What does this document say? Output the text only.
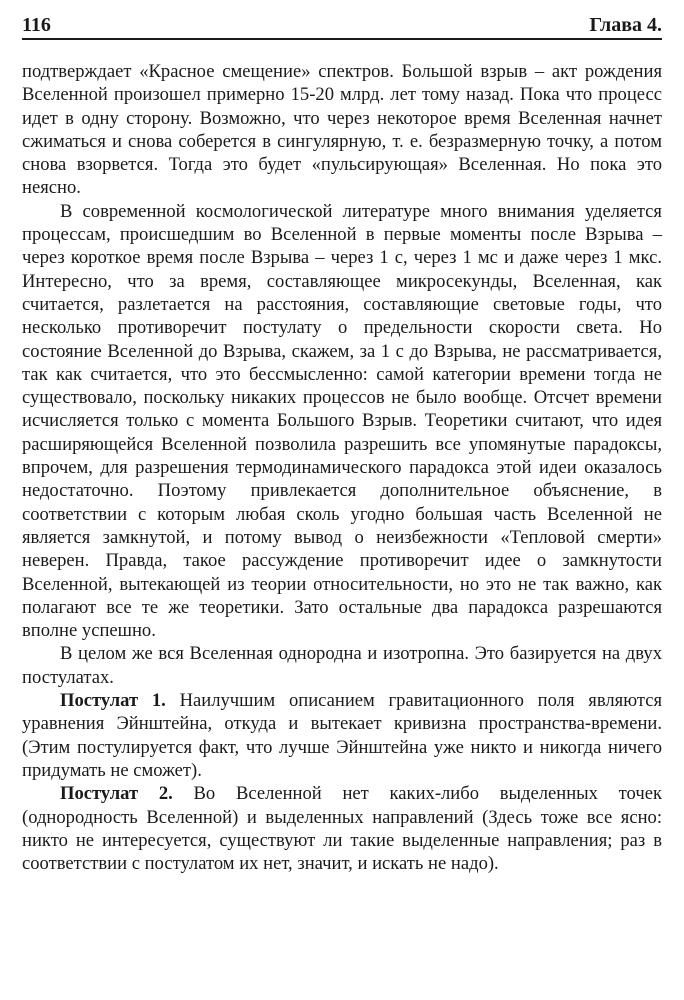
116	Глава 4.

подтверждает «Красное смещение» спектров. Большой взрыв – акт рождения Вселенной произошел примерно 15-20 млрд. лет тому назад. Пока что процесс идет в одну сторону. Возможно, что через некоторое время Вселенная начнет сжиматься и снова соберется в сингулярную, т. е. безразмерную точку, а потом снова взорвется. Тогда это будет «пульсирующая» Вселенная. Но пока это неясно.

В современной космологической литературе много внимания уделяется процессам, происшедшим во Вселенной в первые моменты после Взрыва – через короткое время после Взрыва – через 1 с, через 1 мс и даже через 1 мкс. Интересно, что за время, составляющее микросекунды, Вселенная, как считается, разлетается на расстояния, составляющие световые годы, что несколько противоречит постулату о предельности скорости света. Но состояние Вселенной до Взрыва, скажем, за 1 с до Взрыва, не рассматривается, так как считается, что это бессмысленно: самой категории времени тогда не существовало, поскольку никаких процессов не было вообще. Отсчет времени исчисляется только с момента Большого Взрыв. Теоретики считают, что идея расширяющейся Вселенной позволила разрешить все упомянутые парадоксы, впрочем, для разрешения термодинамического парадокса этой идеи оказалось недостаточно. Поэтому привлекается дополнительное объяснение, в соответствии с которым любая сколь угодно большая часть Вселенной не является замкнутой, и потому вывод о неизбежности «Тепловой смерти» неверен. Правда, такое рассуждение противоречит идее о замкнутости Вселенной, вытекающей из теории относительности, но это не так важно, как полагают все те же теоретики. Зато остальные два парадокса разрешаются вполне успешно.

В целом же вся Вселенная однородна и изотропна. Это базируется на двух постулатах.

Постулат 1. Наилучшим описанием гравитационного поля являются уравнения Эйнштейна, откуда и вытекает кривизна пространства-времени. (Этим постулируется факт, что лучше Эйнштейна уже никто и никогда ничего придумать не сможет).

Постулат 2. Во Вселенной нет каких-либо выделенных точек (однородность Вселенной) и выделенных направлений (Здесь тоже все ясно: никто не интересуется, существуют ли такие выделенные направления; раз в соответствии с постулатом их нет, значит, и искать не надо).
